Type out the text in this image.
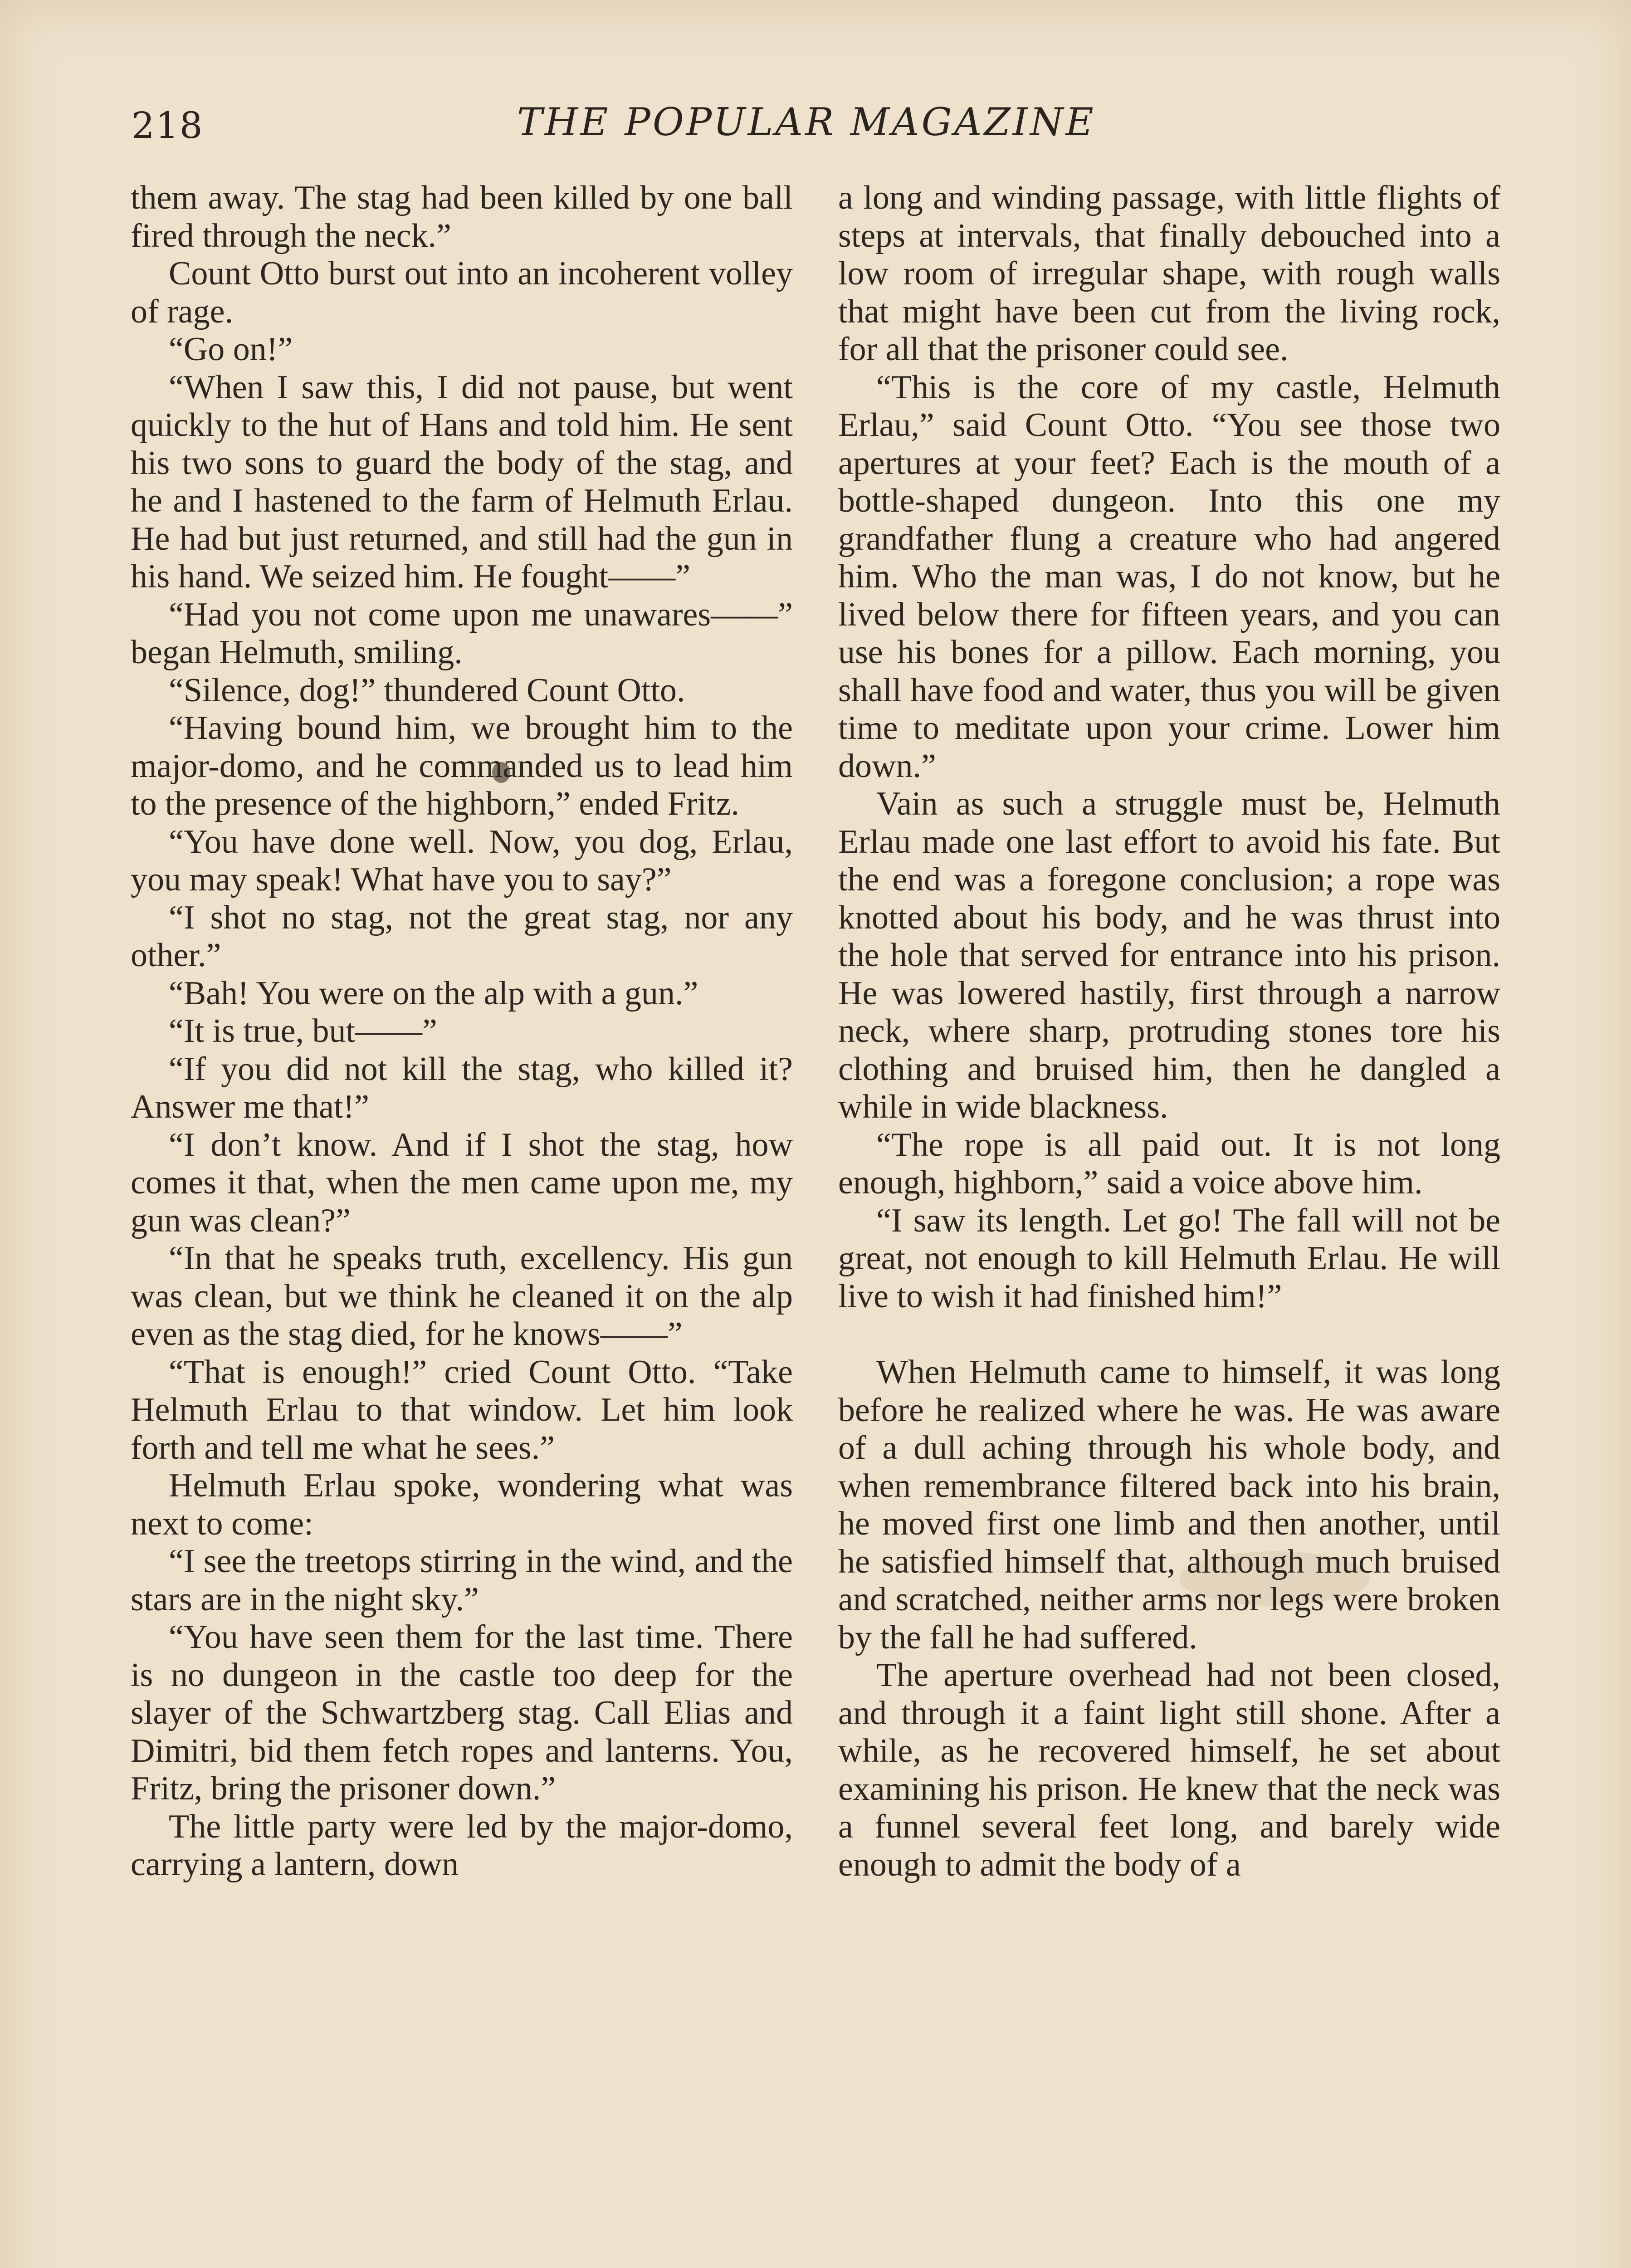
218	THE POPULAR MAGAZINE

them away. The stag had been killed by one ball fired through the neck.”

Count Otto burst out into an incoherent volley of rage.

“Go on!”

“When I saw this, I did not pause, but went quickly to the hut of Hans and told him. He sent his two sons to guard the body of the stag, and he and I hastened to the farm of Helmuth Erlau. He had but just returned, and still had the gun in his hand. We seized him. He fought——”

“Had you not come upon me unawares——” began Helmuth, smiling.

“Silence, dog!” thundered Count Otto.

“Having bound him, we brought him to the major-domo, and he commanded us to lead him to the presence of the highborn,” ended Fritz.

“You have done well. Now, you dog, Erlau, you may speak! What have you to say?”

“I shot no stag, not the great stag, nor any other.”

“Bah! You were on the alp with a gun.”

“It is true, but——”

“If you did not kill the stag, who killed it? Answer me that!”

“I don’t know. And if I shot the stag, how comes it that, when the men came upon me, my gun was clean?”

“In that he speaks truth, excellency. His gun was clean, but we think he cleaned it on the alp even as the stag died, for he knows——”

“That is enough!” cried Count Otto. “Take Helmuth Erlau to that window. Let him look forth and tell me what he sees.”

Helmuth Erlau spoke, wondering what was next to come:

“I see the treetops stirring in the wind, and the stars are in the night sky.”

“You have seen them for the last time. There is no dungeon in the castle too deep for the slayer of the Schwartzberg stag. Call Elias and Dimitri, bid them fetch ropes and lanterns. You, Fritz, bring the prisoner down.”

The little party were led by the major-domo, carrying a lantern, down

a long and winding passage, with little flights of steps at intervals, that finally debouched into a low room of irregular shape, with rough walls that might have been cut from the living rock, for all that the prisoner could see.

“This is the core of my castle, Helmuth Erlau,” said Count Otto. “You see those two apertures at your feet? Each is the mouth of a bottle-shaped dungeon. Into this one my grandfather flung a creature who had angered him. Who the man was, I do not know, but he lived below there for fifteen years, and you can use his bones for a pillow. Each morning, you shall have food and water, thus you will be given time to meditate upon your crime. Lower him down.”

Vain as such a struggle must be, Helmuth Erlau made one last effort to avoid his fate. But the end was a foregone conclusion; a rope was knotted about his body, and he was thrust into the hole that served for entrance into his prison. He was lowered hastily, first through a narrow neck, where sharp, protruding stones tore his clothing and bruised him, then he dangled a while in wide blackness.

“The rope is all paid out. It is not long enough, highborn,” said a voice above him.

“I saw its length. Let go! The fall will not be great, not enough to kill Helmuth Erlau. He will live to wish it had finished him!”

When Helmuth came to himself, it was long before he realized where he was. He was aware of a dull aching through his whole body, and when remembrance filtered back into his brain, he moved first one limb and then another, until he satisfied himself that, although much bruised and scratched, neither arms nor legs were broken by the fall he had suffered.

The aperture overhead had not been closed, and through it a faint light still shone. After a while, as he recovered himself, he set about examining his prison. He knew that the neck was a funnel several feet long, and barely wide enough to admit the body of a
